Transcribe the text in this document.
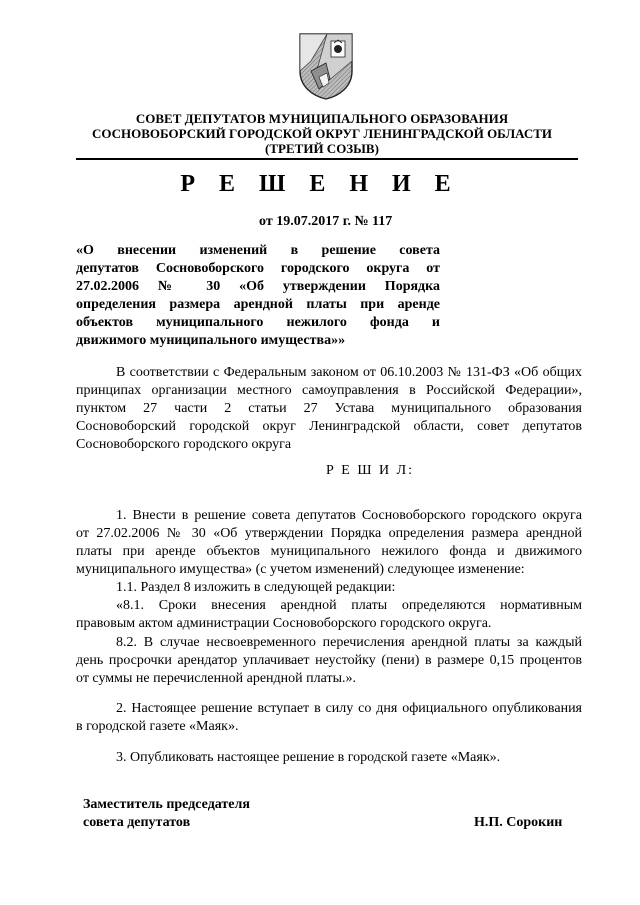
СОВЕТ ДЕПУТАТОВ МУНИЦИПАЛЬНОГО ОБРАЗОВАНИЯ
СОСНОВОБОРСКИЙ ГОРОДСКОЙ ОКРУГ ЛЕНИНГРАДСКОЙ ОБЛАСТИ
(ТРЕТИЙ СОЗЫВ)
Р Е Ш Е Н И Е
от 19.07.2017 г. № 117
«О внесении изменений в решение совета
депутатов Сосновоборского городского округа от
27.02.2006 № 30 «Об утверждении Порядка
определения размера арендной платы при аренде
объектов муниципального нежилого фонда и
движимого муниципального имущества»»
В соответствии с Федеральным законом от 06.10.2003 № 131-ФЗ «Об общих
принципах организации местного самоуправления в Российской Федерации»,
пунктом 27 части 2 статьи 27 Устава муниципального образования
Сосновоборский городской округ Ленинградской области, совет депутатов
Сосновоборского городского округа
Р Е Ш И Л:
1. Внести в решение совета депутатов Сосновоборского городского округа
от 27.02.2006 № 30 «Об утверждении Порядка определения размера арендной
платы при аренде объектов муниципального нежилого фонда и движимого
муниципального имущества» (с учетом изменений) следующее изменение:
1.1. Раздел 8 изложить в следующей редакции:
«8.1. Сроки внесения арендной платы определяются нормативным
правовым актом администрации Сосновоборского городского округа.
8.2. В случае несвоевременного перечисления арендной платы за каждый
день просрочки арендатор уплачивает неустойку (пени) в размере 0,15 процентов
от суммы не перечисленной арендной платы.».
2. Настоящее решение вступает в силу со дня официального опубликования
в городской газете «Маяк».
3. Опубликовать настоящее решение в городской газете «Маяк».
Заместитель председателя
совета депутатов	Н.П. Сорокин
